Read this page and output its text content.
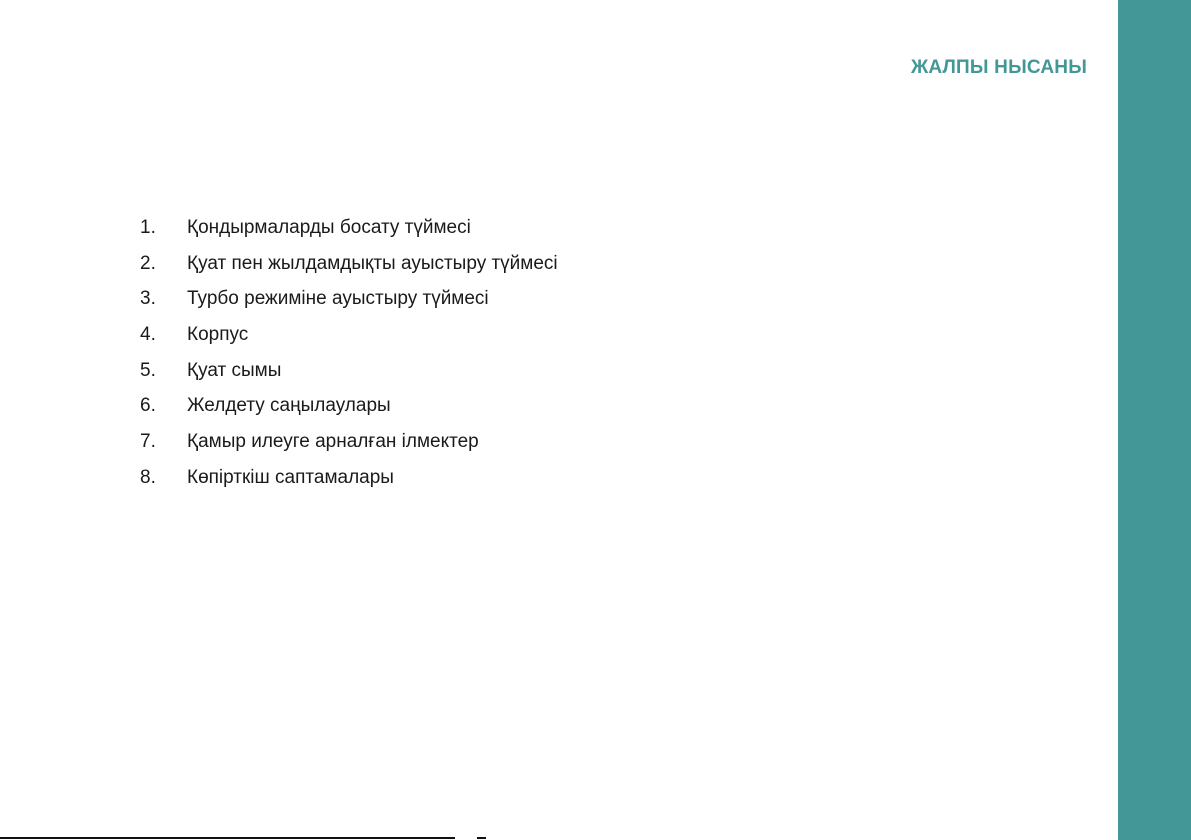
ЖАЛПЫ НЫСАНЫ
1. Қондырмаларды босату түймесі
2. Қуат пен жылдамдықты ауыстыру түймесі
3. Турбо режиміне ауыстыру түймесі
4. Корпус
5. Қуат сымы
6. Желдету саңылаулары
7. Қамыр илеуге арналған ілмектер
8. Көпірткіш саптамалары
